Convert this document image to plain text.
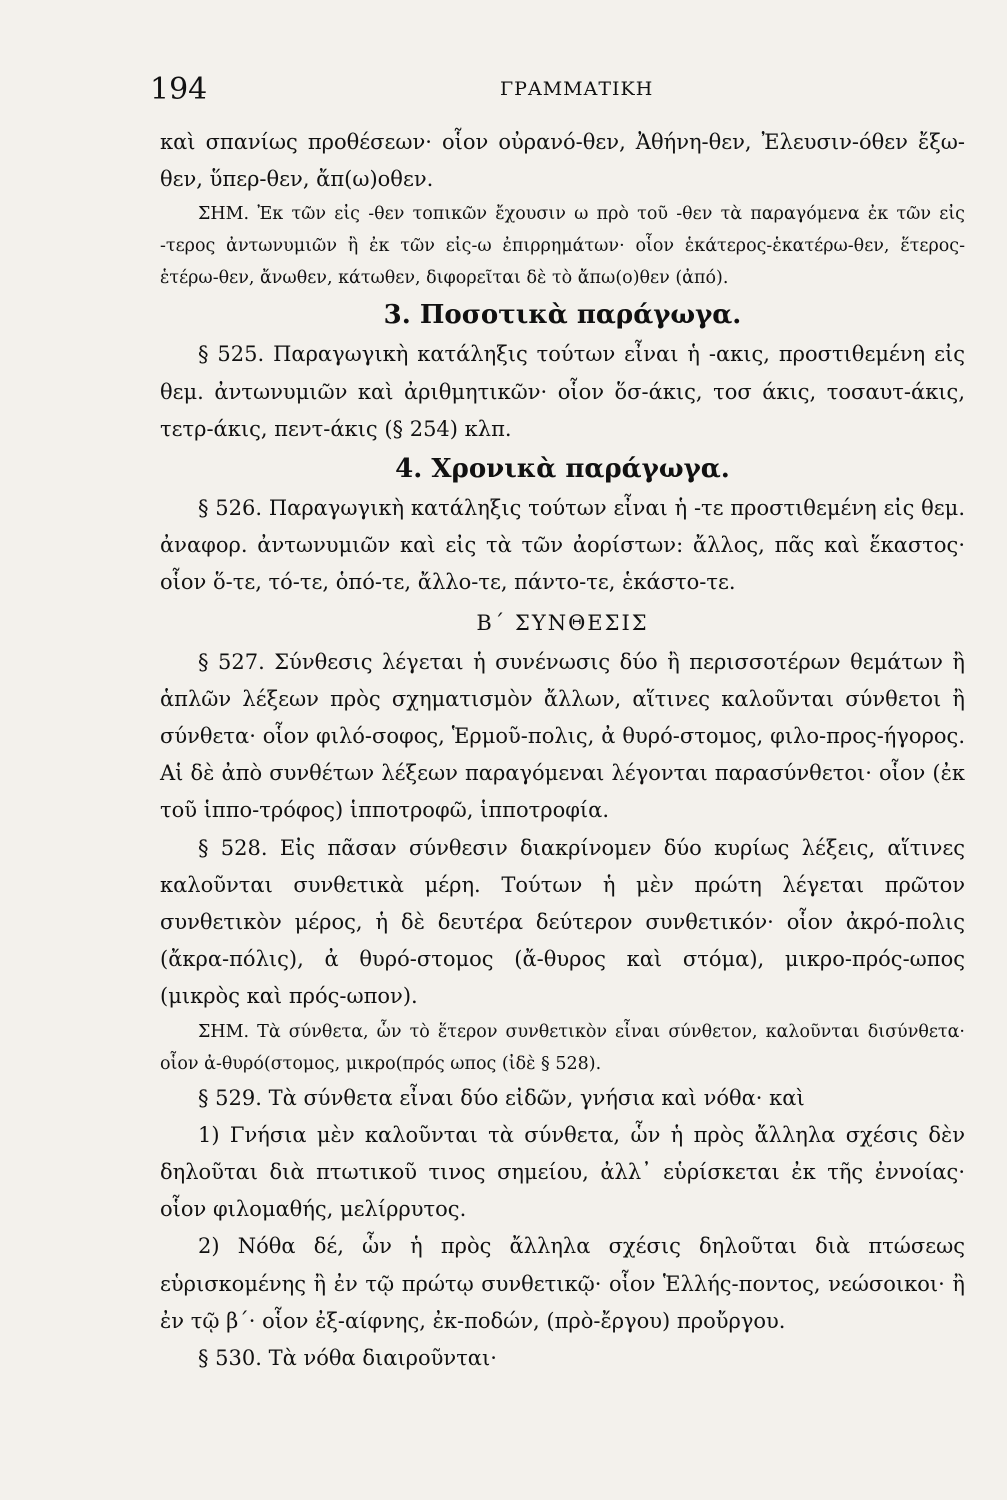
194	ΓΡΑΜΜΑΤΙΚΗ

καὶ σπανίως προθέσεων· οἷον οὐρανό-θεν, Ἀθήνη-θεν, Ἐλευσιν-όθεν ἔξω-θεν, ὕπερ-θεν, ἄπ(ω)οθεν.

ΣΗΜ. Ἐκ τῶν εἰς -θεν τοπικῶν ἔχουσιν ω πρὸ τοῦ -θεν τὰ παραγόμενα ἐκ τῶν εἰς -τερος ἀντωνυμιῶν ἢ ἐκ τῶν εἰς-ω ἐπιρρημάτων· οἷον ἑκάτερος-ἑκατέρω-θεν, ἕτερος-ἑτέρω-θεν, ἄνωθεν, κάτωθεν, διφορεῖται δὲ τὸ ἄπω(ο)θεν (ἀπό).

3. Ποσοτικὰ παράγωγα.

§ 525. Παραγωγικὴ κατάληξις τούτων εἶναι ἡ -ακις, προστιθεμένη εἰς θεμ. ἀντωνυμιῶν καὶ ἀριθμητικῶν· οἷον ὅσ-άκις, τοσ άκις, τοσαυτ-άκις, τετρ-άκις, πεντ-άκις (§ 254) κλπ.

4. Χρονικὰ παράγωγα.

§ 526. Παραγωγικὴ κατάληξις τούτων εἶναι ἡ -τε προστιθεμένη εἰς θεμ. ἀναφορ. ἀντωνυμιῶν καὶ εἰς τὰ τῶν ἀορίστων: ἄλλος, πᾶς καὶ ἕκαστος· οἷον ὅ-τε, τό-τε, ὁπό-τε, ἄλλο-τε, πάντο-τε, ἑκάστο-τε.

Β΄ ΣΥΝΘΕΣΙΣ

§ 527. Σύνθεσις λέγεται ἡ συνένωσις δύο ἢ περισσοτέρων θεμάτων ἢ ἁπλῶν λέξεων πρὸς σχηματισμὸν ἄλλων, αἵτινες καλοῦνται σύνθετοι ἢ σύνθετα· οἷον φιλό-σοφος, Ἑρμοῦ-πολις, ἀ θυρό-στομος, φιλο-προς-ήγορος. Αἱ δὲ ἀπὸ συνθέτων λέξεων παραγόμεναι λέγονται παρασύνθετοι· οἷον (ἐκ τοῦ ἱππο-τρόφος) ἱπποτροφῶ, ἱπποτροφία.

§ 528. Εἰς πᾶσαν σύνθεσιν διακρίνομεν δύο κυρίως λέξεις, αἵτινες καλοῦνται συνθετικὰ μέρη. Τούτων ἡ μὲν πρώτη λέγεται πρῶτον συνθετικὸν μέρος, ἡ δὲ δευτέρα δεύτερον συνθετικόν· οἷον ἀκρό-πολις (ἄκρα-πόλις), ἀ θυρό-στομος (ἄ-θυρος καὶ στόμα), μικρο-πρός-ωπος (μικρὸς καὶ πρός-ωπον).

ΣΗΜ. Τὰ σύνθετα, ὧν τὸ ἕτερον συνθετικὸν εἶναι σύνθετον, καλοῦνται δισύνθετα· οἷον ἀ-θυρό(στομος, μικρο(πρός ωπος (ἰδὲ § 528).

§ 529. Τὰ σύνθετα εἶναι δύο εἰδῶν, γνήσια καὶ νόθα· καὶ

1) Γνήσια μὲν καλοῦνται τὰ σύνθετα, ὧν ἡ πρὸς ἄλληλα σχέσις δὲν δηλοῦται διὰ πτωτικοῦ τινος σημείου, ἀλλ᾽ εὑρίσκεται ἐκ τῆς ἐννοίας· οἷον φιλομαθής, μελίρρυτος.

2) Νόθα δέ, ὧν ἡ πρὸς ἄλληλα σχέσις δηλοῦται διὰ πτώσεως εὑρισκομένης ἢ ἐν τῷ πρώτῳ συνθετικῷ· οἷον Ἑλλής-ποντος, νεώσοικοι· ἢ ἐν τῷ β΄· οἷον ἐξ-αίφνης, ἐκ-ποδών, (πρὸ-ἔργου) προὔργου.

§ 530. Τὰ νόθα διαιροῦνται·
